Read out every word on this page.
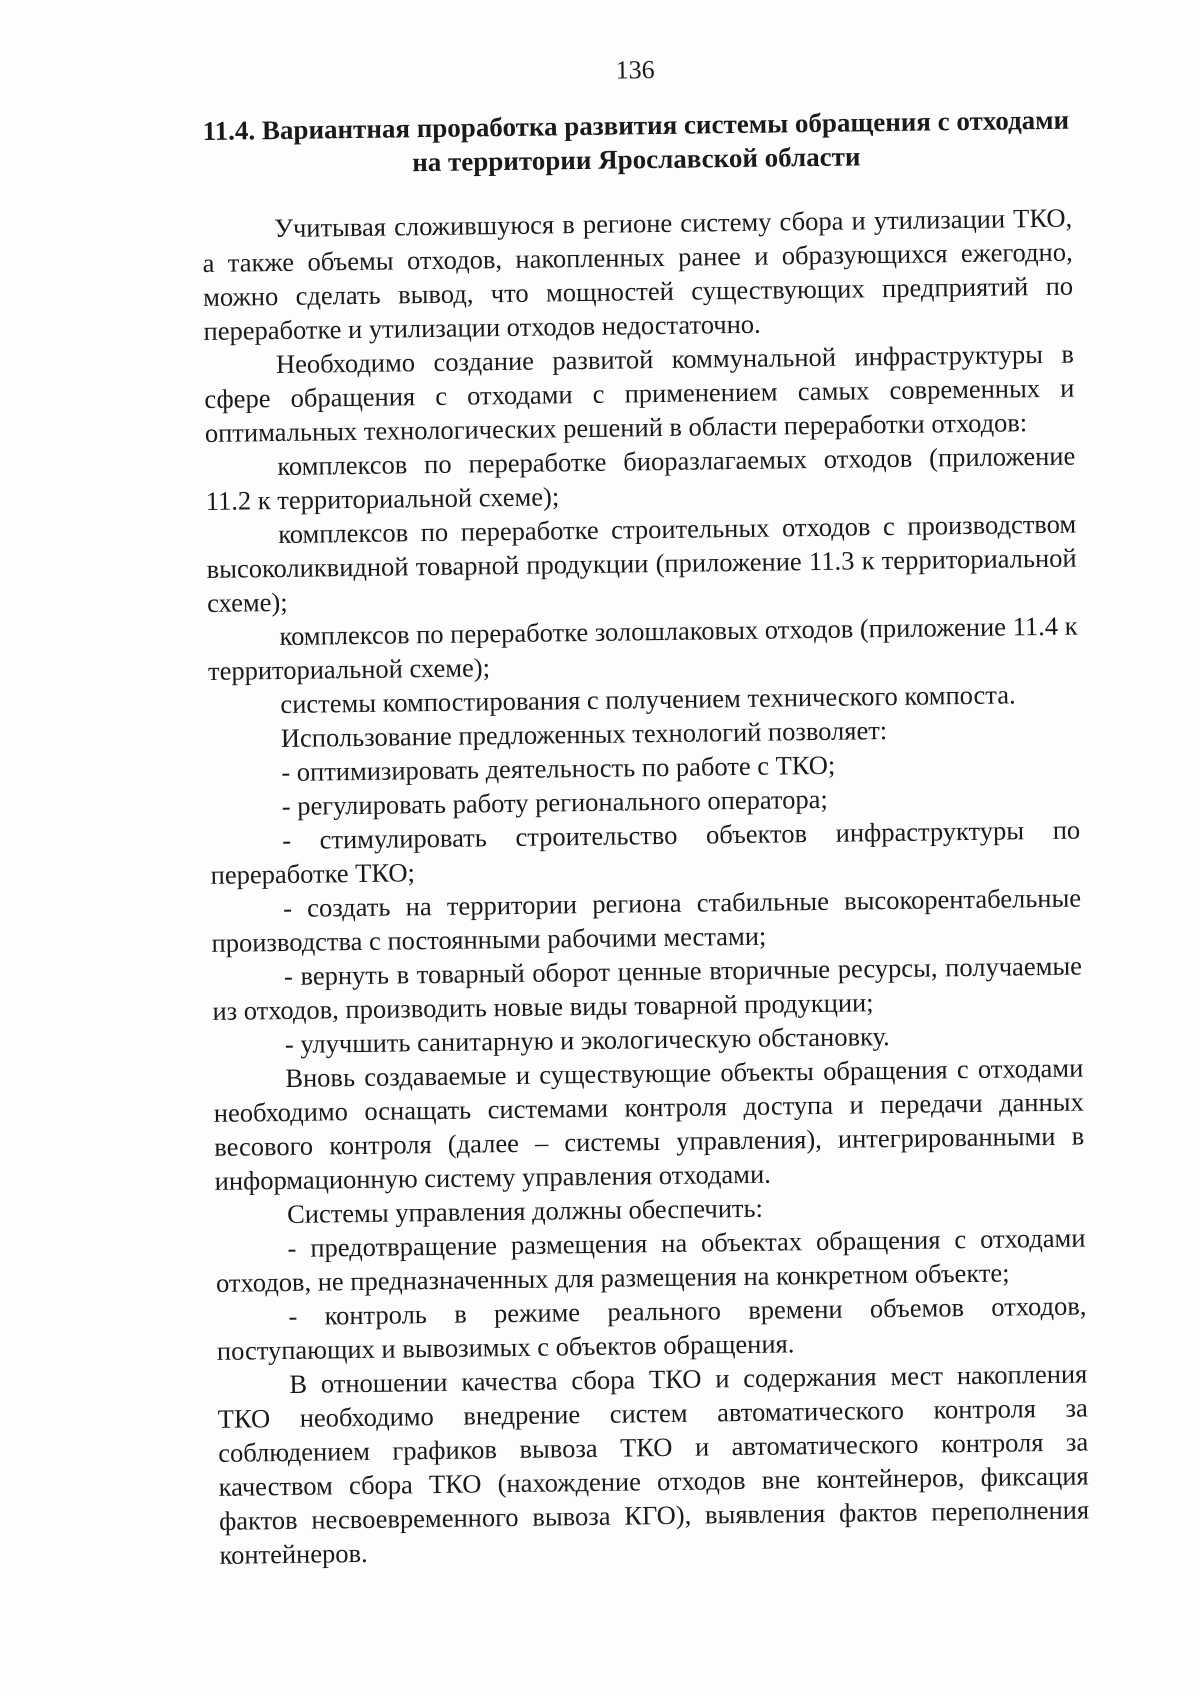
136
11.4. Вариантная проработка развития системы обращения с отходами
на территории Ярославской области

Учитывая сложившуюся в регионе систему сбора и утилизации ТКО, а также объемы отходов, накопленных ранее и образующихся ежегодно, можно сделать вывод, что мощностей существующих предприятий по переработке и утилизации отходов недостаточно.

Необходимо создание развитой коммунальной инфраструктуры в сфере обращения с отходами с применением самых современных и оптимальных технологических решений в области переработки отходов:

комплексов по переработке биоразлагаемых отходов (приложение 11.2 к территориальной схеме);

комплексов по переработке строительных отходов с производством высоколиквидной товарной продукции (приложение 11.3 к территориальной схеме);

комплексов по переработке золошлаковых отходов (приложение 11.4 к территориальной схеме);

системы компостирования с получением технического компоста.

Использование предложенных технологий позволяет:

- оптимизировать деятельность по работе с ТКО;

- регулировать работу регионального оператора;

- стимулировать строительство объектов инфраструктуры по переработке ТКО;

- создать на территории региона стабильные высокорентабельные производства с постоянными рабочими местами;

- вернуть в товарный оборот ценные вторичные ресурсы, получаемые из отходов, производить новые виды товарной продукции;

- улучшить санитарную и экологическую обстановку.

Вновь создаваемые и существующие объекты обращения с отходами необходимо оснащать системами контроля доступа и передачи данных весового контроля (далее – системы управления), интегрированными в информационную систему управления отходами.

Системы управления должны обеспечить:

- предотвращение размещения на объектах обращения с отходами отходов, не предназначенных для размещения на конкретном объекте;

- контроль в режиме реального времени объемов отходов, поступающих и вывозимых с объектов обращения.

В отношении качества сбора ТКО и содержания мест накопления ТКО необходимо внедрение систем автоматического контроля за соблюдением графиков вывоза ТКО и автоматического контроля за качеством сбора ТКО (нахождение отходов вне контейнеров, фиксация фактов несвоевременного вывоза КГО), выявления фактов переполнения контейнеров.
